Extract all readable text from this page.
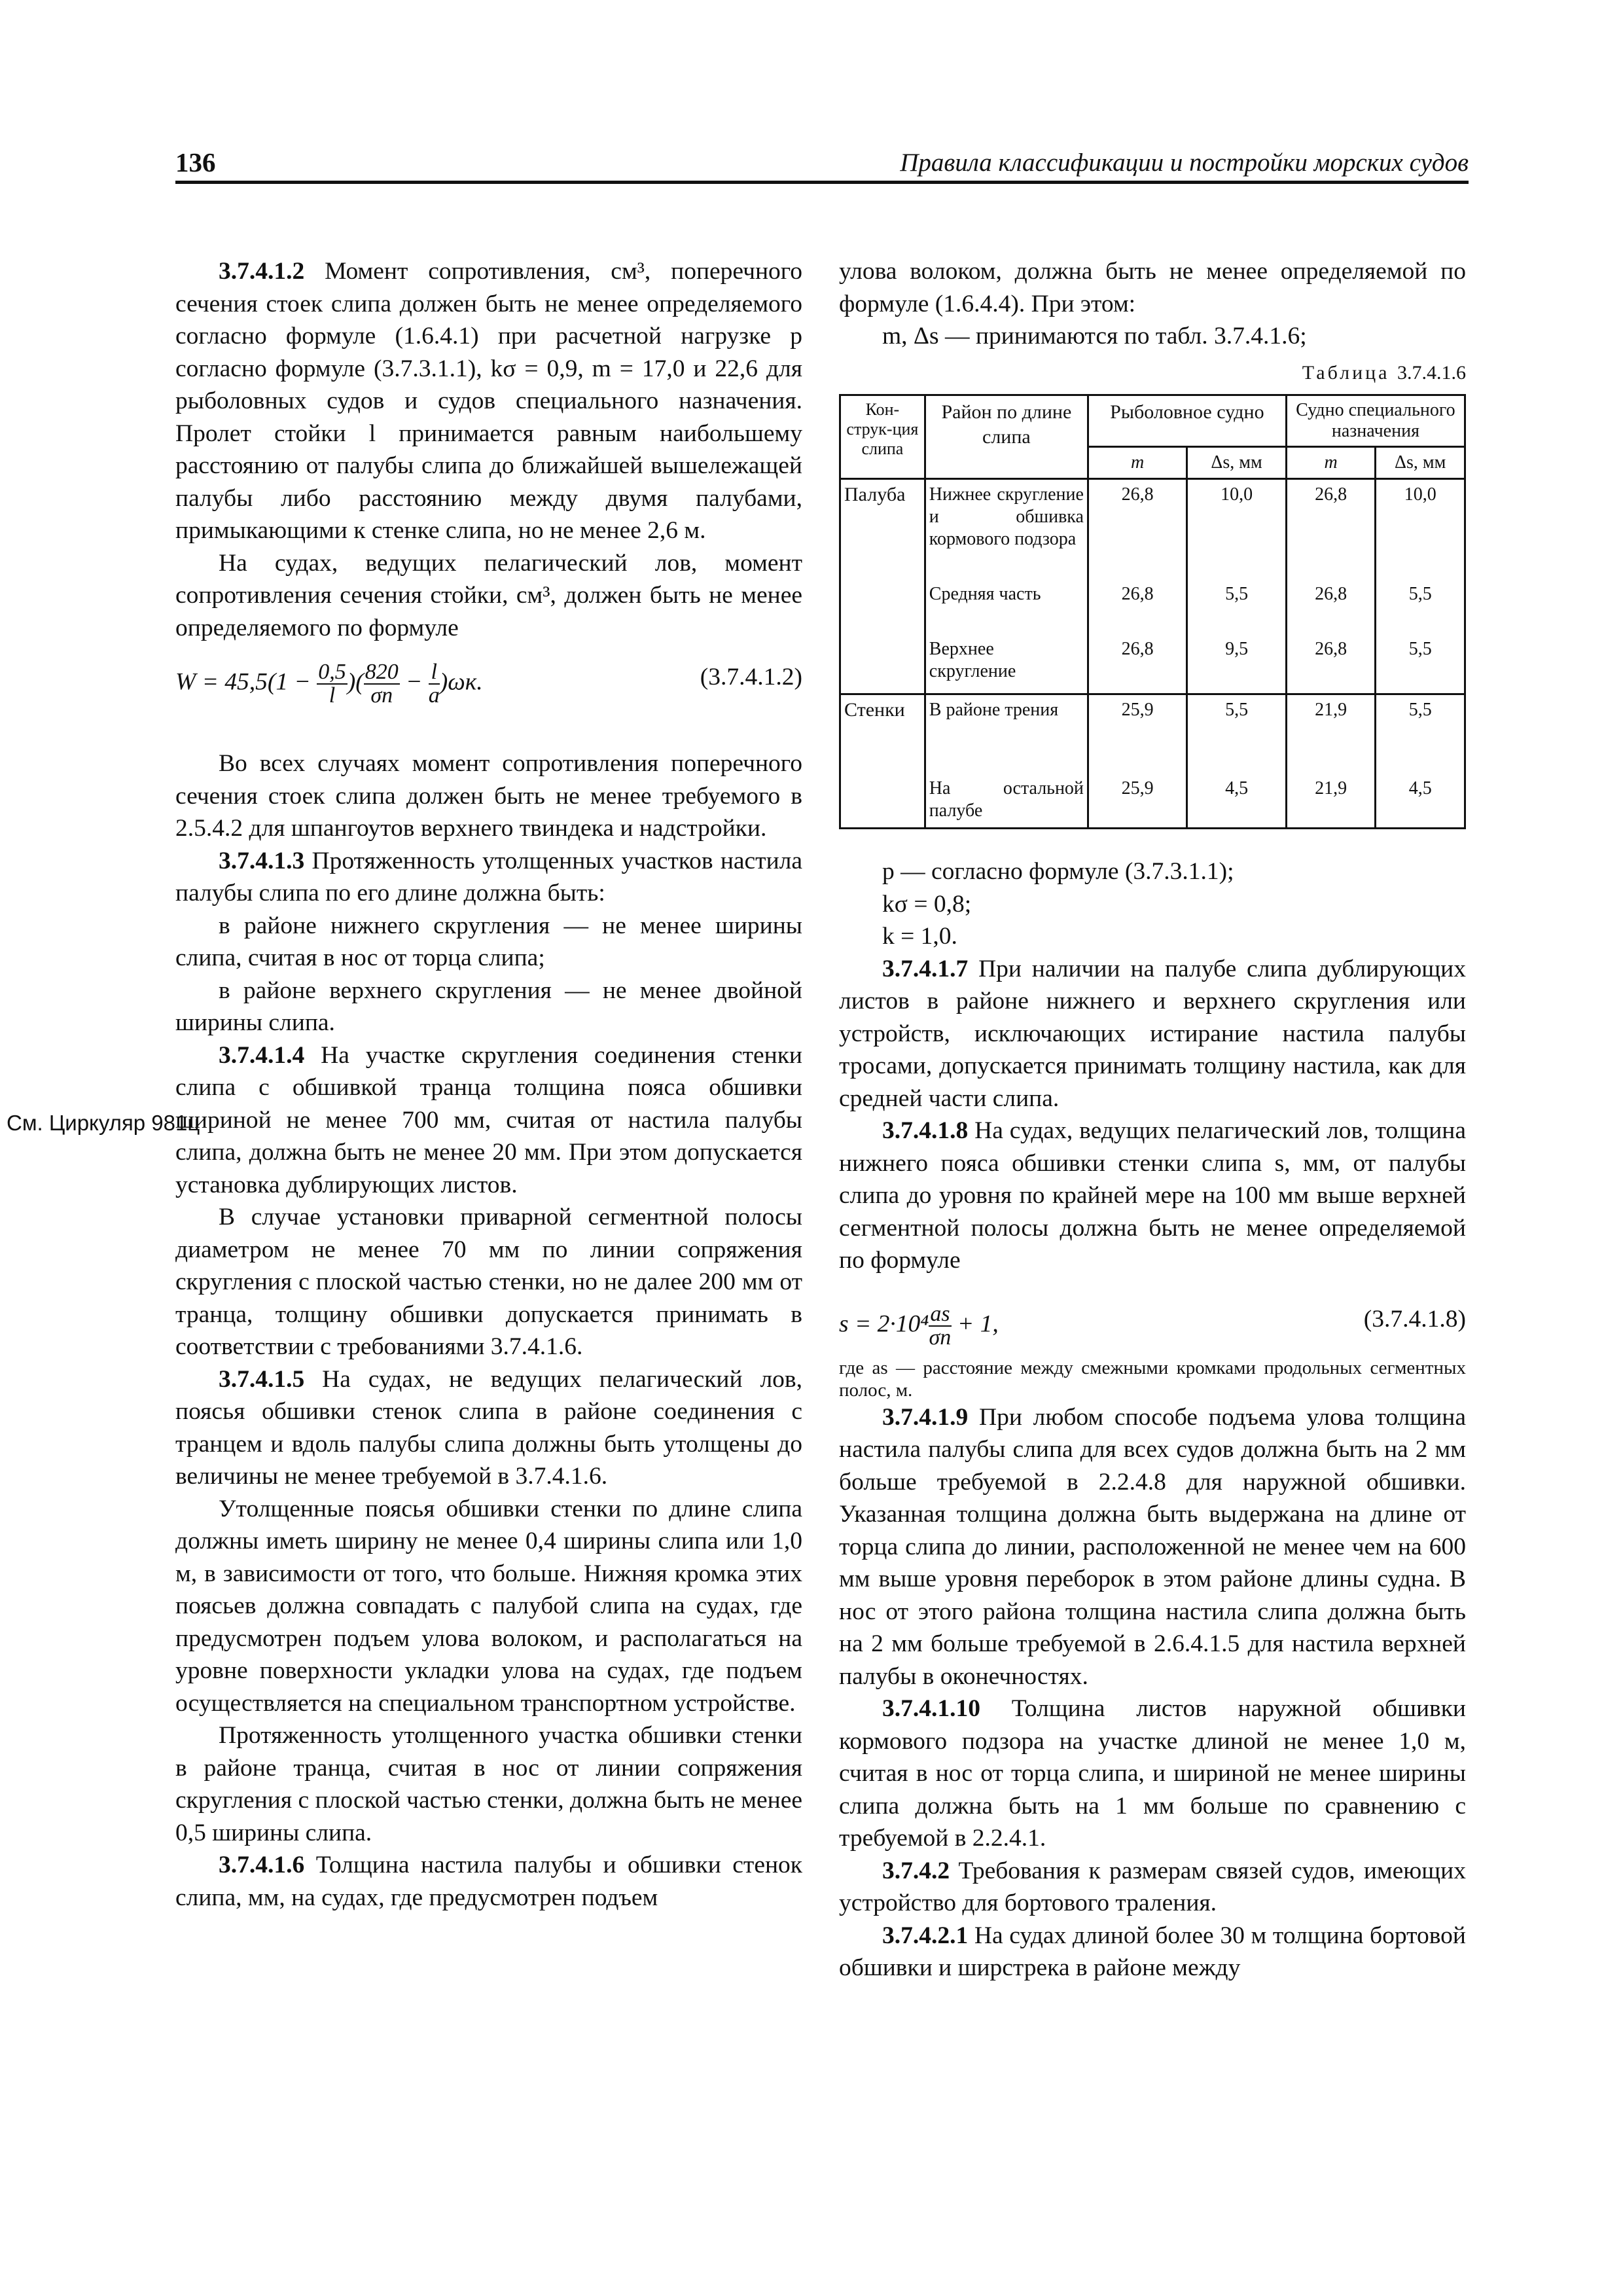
136	Правила классификации и постройки морских судов
См. Циркуляр 981ц

3.7.4.1.2 Момент сопротивления, см³, поперечного сечения стоек слипа должен быть не менее определяемого согласно формуле (1.6.4.1) при расчетной нагрузке p согласно формуле (3.7.3.1.1), kσ = 0,9, m = 17,0 и 22,6 для рыболовных судов и судов специального назначения. Пролет стойки l принимается равным наибольшему расстоянию от палубы слипа до ближайшей вышележащей палубы либо расстоянию между двумя палубами, примыкающими к стенке слипа, но не менее 2,6 м.

На судах, ведущих пелагический лов, момент сопротивления сечения стойки, см³, должен быть не менее определяемого по формуле

$W = 45,5(1 - \frac{0,5}{l}$ )( $\frac{820}{\sigma n} - \frac{l}{a} )\omega к$.	(3.7.4.1.2)

Во всех случаях момент сопротивления поперечного сечения стоек слипа должен быть не менее требуемого в 2.5.4.2 для шпангоутов верхнего твиндека и надстройки.

3.7.4.1.3 Протяженность утолщенных участков настила палубы слипа по его длине должна быть:

в районе нижнего скругления — не менее ширины слипа, считая в нос от торца слипа;

в районе верхнего скругления — не менее двойной ширины слипа.

3.7.4.1.4 На участке скругления соединения стенки слипа с обшивкой транца толщина пояса обшивки шириной не менее 700 мм, считая от настила палубы слипа, должна быть не менее 20 мм. При этом допускается установка дублирующих листов.

В случае установки приварной сегментной полосы диаметром не менее 70 мм по линии сопряжения скругления с плоской частью стенки, но не далее 200 мм от транца, толщину обшивки допускается принимать в соответствии с требованиями 3.7.4.1.6.

3.7.4.1.5 На судах, не ведущих пелагический лов, поясья обшивки стенок слипа в районе соединения с транцем и вдоль палубы слипа должны быть утолщены до величины не менее требуемой в 3.7.4.1.6.

Утолщенные поясья обшивки стенки по длине слипа должны иметь ширину не менее 0,4 ширины слипа или 1,0 м, в зависимости от того, что больше. Нижняя кромка этих поясьев должна совпадать с палубой слипа на судах, где предусмотрен подъем улова волоком, и располагаться на уровне поверхности укладки улова на судах, где подъем осуществляется на специальном транспортном устройстве.

Протяженность утолщенного участка обшивки стенки в районе транца, считая в нос от линии сопряжения скругления с плоской частью стенки, должна быть не менее 0,5 ширины слипа.

3.7.4.1.6 Толщина настила палубы и обшивки стенок слипа, мм, на судах, где предусмотрен подъем

улова волоком, должна быть не менее определяемой по формуле (1.6.4.4). При этом:

m, Δs — принимаются по табл. 3.7.4.1.6;

Таблица 3.7.4.1.6
Кон-струк-ция слипа	Район по длине слипа	Рыболовное судно		Судно специального назначения	
		m	Δs, мм	m	Δs, мм
Палуба	Нижнее скругление и обшивка кормового подзора	26,8	10,0	26,8	10,0
	Средняя часть	26,8	5,5	26,8	5,5
	Верхнее скругление	26,8	9,5	26,8	5,5
Стенки	В районе трения	25,9	5,5	21,9	5,5
	На остальной палубе	25,9	4,5	21,9	4,5

p — согласно формуле (3.7.3.1.1);

kσ = 0,8;

k = 1,0.

3.7.4.1.7 При наличии на палубе слипа дублирующих листов в районе нижнего и верхнего скругления или устройств, исключающих истирание настила палубы тросами, допускается принимать толщину настила, как для средней части слипа.

3.7.4.1.8 На судах, ведущих пелагический лов, толщина нижнего пояса обшивки стенки слипа s, мм, от палубы слипа до уровня по крайней мере на 100 мм выше верхней сегментной полосы должна быть не менее определяемой по формуле

$s = 2\cdot 10^4 \frac{as}{\sigma n} + 1$,	(3.7.4.1.8)

где as — расстояние между смежными кромками продольных сегментных полос, м.

3.7.4.1.9 При любом способе подъема улова толщина настила палубы слипа для всех судов должна быть на 2 мм больше требуемой в 2.2.4.8 для наружной обшивки. Указанная толщина должна быть выдержана на длине от торца слипа до линии, расположенной не менее чем на 600 мм выше уровня переборок в этом районе длины судна. В нос от этого района толщина настила слипа должна быть на 2 мм больше требуемой в 2.6.4.1.5 для настила верхней палубы в оконечностях.

3.7.4.1.10 Толщина листов наружной обшивки кормового подзора на участке длиной не менее 1,0 м, считая в нос от торца слипа, и шириной не менее ширины слипа должна быть на 1 мм больше по сравнению с требуемой в 2.2.4.1.

3.7.4.2 Требования к размерам связей судов, имеющих устройство для бортового траления.

3.7.4.2.1 На судах длиной более 30 м толщина бортовой обшивки и ширстрека в районе между
